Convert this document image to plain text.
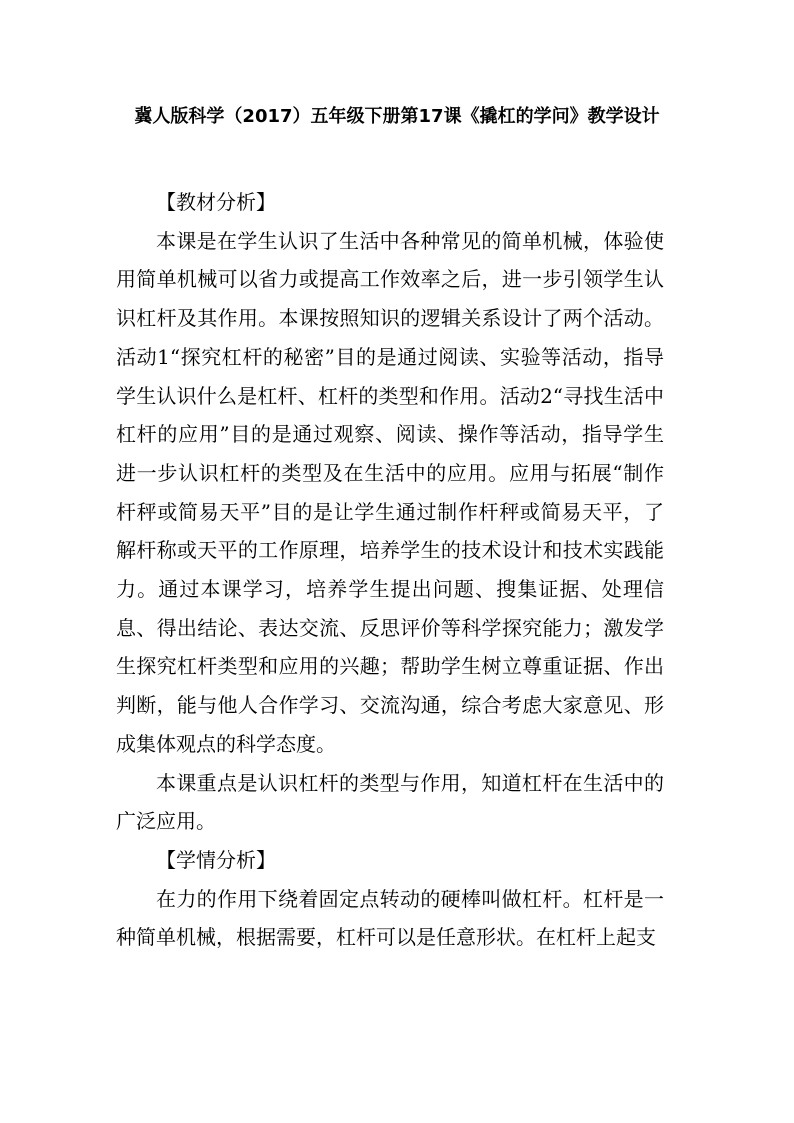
冀人版科学（2017）五年级下册第17课《撬杠的学问》教学设计

【教材分析】

本课是在学生认识了生活中各种常见的简单机械，体验使用简单机械可以省力或提高工作效率之后，进一步引领学生认识杠杆及其作用。本课按照知识的逻辑关系设计了两个活动。活动1“探究杠杆的秘密”目的是通过阅读、实验等活动，指导学生认识什么是杠杆、杠杆的类型和作用。活动2“寻找生活中杠杆的应用”目的是通过观察、阅读、操作等活动，指导学生进一步认识杠杆的类型及在生活中的应用。应用与拓展“制作杆秤或简易天平”目的是让学生通过制作杆秤或简易天平，了解杆称或天平的工作原理，培养学生的技术设计和技术实践能力。通过本课学习，培养学生提出问题、搜集证据、处理信息、得出结论、表达交流、反思评价等科学探究能力；激发学生探究杠杆类型和应用的兴趣；帮助学生树立尊重证据、作出判断，能与他人合作学习、交流沟通，综合考虑大家意见、形成集体观点的科学态度。

本课重点是认识杠杆的类型与作用，知道杠杆在生活中的广泛应用。

【学情分析】

在力的作用下绕着固定点转动的硬棒叫做杠杆。杠杆是一种简单机械，根据需要，杠杆可以是任意形状。在杠杆上起支
